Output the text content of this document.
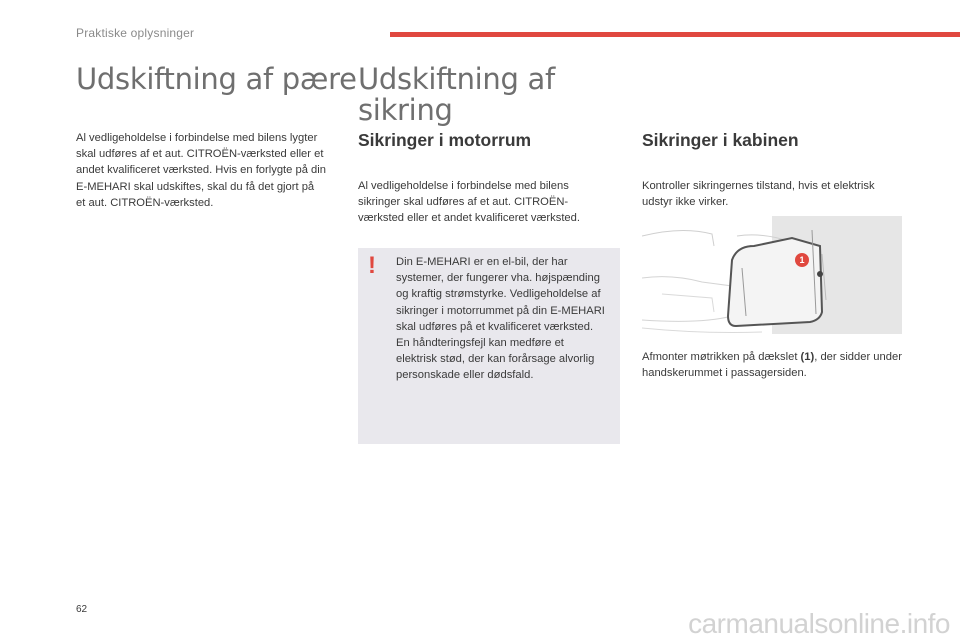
Praktiske oplysninger
Udskiftning af pære

Al vedligeholdelse i forbindelse med bilens lygter skal udføres af et aut. CITROËN-værksted eller et andet kvalificeret værksted. Hvis en forlygte på din E-MEHARI skal udskiftes, skal du få det gjort på et aut. CITROËN-værksted.

Udskiftning af sikring
Sikringer i motorrum

Al vedligeholdelse i forbindelse med bilens sikringer skal udføres af et aut. CITROËN-værksted eller et andet kvalificeret værksted.

! Din E-MEHARI er en el-bil, der har systemer, der fungerer vha. højspænding og kraftig strømstyrke. Vedligeholdelse af sikringer i motorrummet på din E-MEHARI skal udføres på et kvalificeret værksted. En håndteringsfejl kan medføre et elektrisk stød, der kan forårsage alvorlig personskade eller dødsfald.

Sikringer i kabinen

Kontroller sikringernes tilstand, hvis et elektrisk udstyr ikke virker.

1

Afmonter møtrikken på dækslet (1), der sidder under handskerummet i passagersiden.

62	carmanualsonline.info
